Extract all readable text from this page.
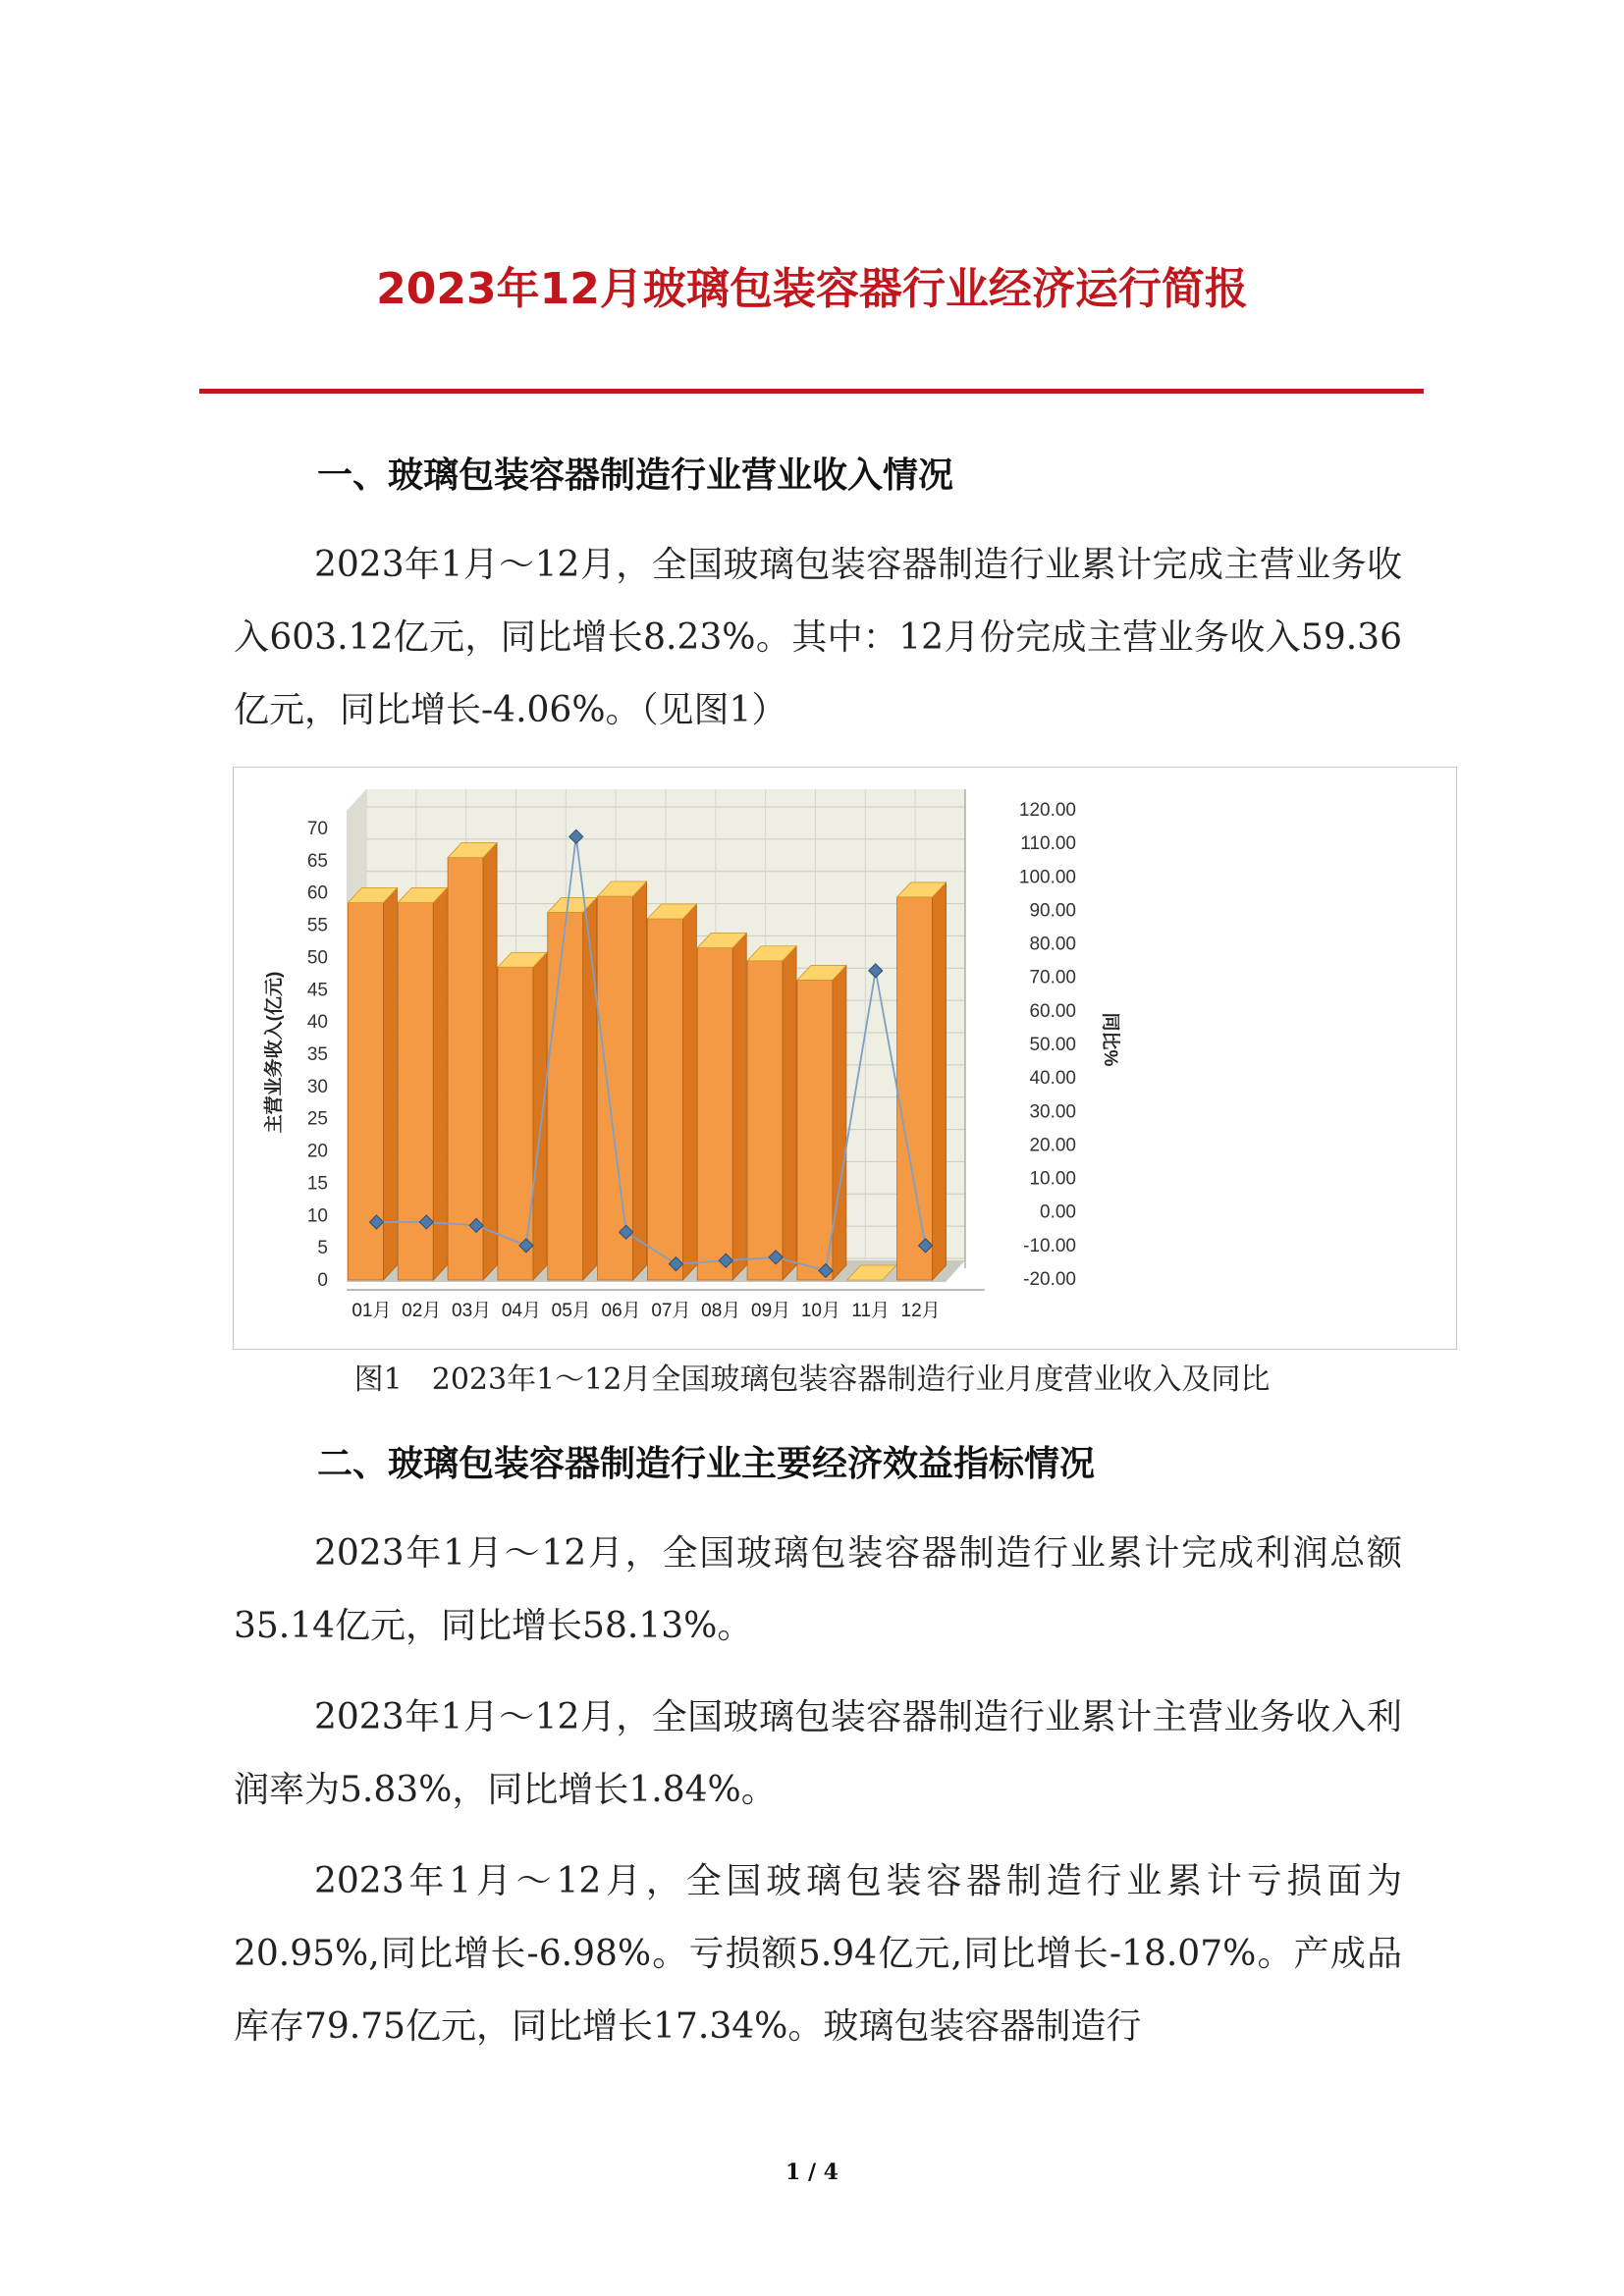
2023年12月玻璃包装容器行业经济运行简报
一、玻璃包装容器制造行业营业收入情况
2023年1月～12月，全国玻璃包装容器制造行业累计完成主营业务收入603.12亿元，同比增长8.23%。其中：12月份完成主营业务收入59.36亿元，同比增长-4.06%。（见图1）
0
5
10
15
20
25
30
35
40
45
50
55
60
65
70
主营业务收入(亿元)
-20.00
-10.00
0.00
10.00
20.00
30.00
40.00
50.00
60.00
70.00
80.00
90.00
100.00
110.00
120.00
同比%
01月 02月 03月 04月 05月 06月 07月 08月 09月 10月 11月 12月
图1　2023年1～12月全国玻璃包装容器制造行业月度营业收入及同比
二、玻璃包装容器制造行业主要经济效益指标情况
2023年1月～12月，全国玻璃包装容器制造行业累计完成利润总额35.14亿元，同比增长58.13%。
2023年1月～12月，全国玻璃包装容器制造行业累计主营业务收入利润率为5.83%，同比增长1.84%。
2023年1月～12月，全国玻璃包装容器制造行业累计亏损面为20.95%,同比增长-6.98%。亏损额5.94亿元,同比增长-18.07%。产成品库存79.75亿元，同比增长17.34%。玻璃包装容器制造行
1 / 4
